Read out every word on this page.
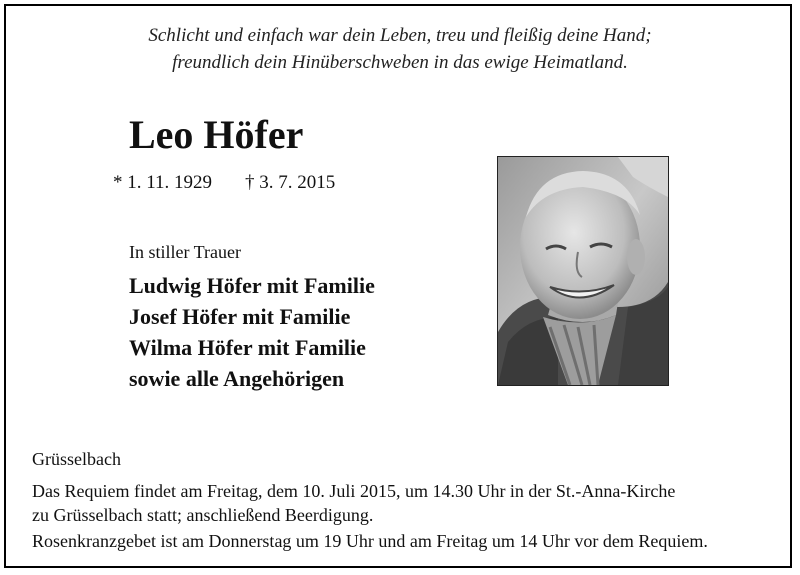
Schlicht und einfach war dein Leben, treu und fleißig deine Hand;
freundlich dein Hinüberschweben in das ewige Heimatland.
Leo Höfer
* 1. 11. 1929 † 3. 7. 2015
In stiller Trauer
Ludwig Höfer mit Familie
Josef Höfer mit Familie
Wilma Höfer mit Familie
sowie alle Angehörigen
Grüsselbach
Das Requiem findet am Freitag, dem 10. Juli 2015, um 14.30 Uhr in der St.-Anna-Kirche
zu Grüsselbach statt; anschließend Beerdigung.
Rosenkranzgebet ist am Donnerstag um 19 Uhr und am Freitag um 14 Uhr vor dem Requiem.
